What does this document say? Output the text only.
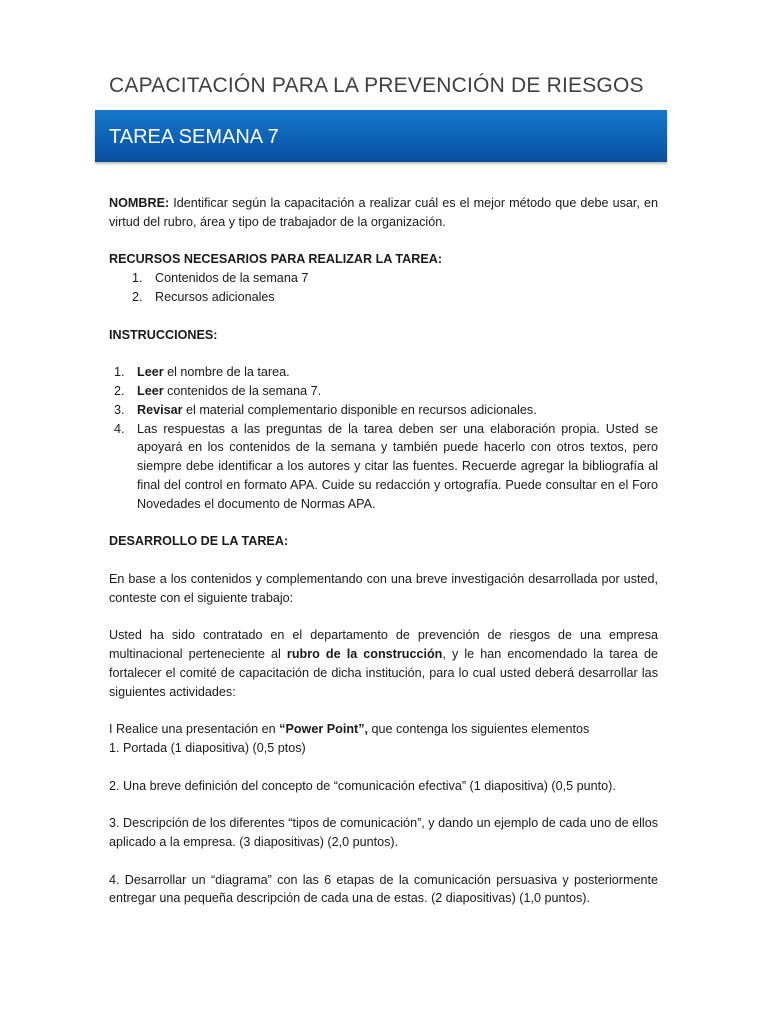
CAPACITACIÓN PARA LA PREVENCIÓN DE RIESGOS
TAREA SEMANA 7

NOMBRE: Identificar según la capacitación a realizar cuál es el mejor método que debe usar, en virtud del rubro, área y tipo de trabajador de la organización.

RECURSOS NECESARIOS PARA REALIZAR LA TAREA:

1. Contenidos de la semana 7
2. Recursos adicionales

INSTRUCCIONES:

1. Leer el nombre de la tarea.
2. Leer contenidos de la semana 7.
3. Revisar el material complementario disponible en recursos adicionales.
4. Las respuestas a las preguntas de la tarea deben ser una elaboración propia. Usted se apoyará en los contenidos de la semana y también puede hacerlo con otros textos, pero siempre debe identificar a los autores y citar las fuentes. Recuerde agregar la bibliografía al final del control en formato APA. Cuide su redacción y ortografía. Puede consultar en el Foro Novedades el documento de Normas APA.

DESARROLLO DE LA TAREA:

En base a los contenidos y complementando con una breve investigación desarrollada por usted, conteste con el siguiente trabajo:

Usted ha sido contratado en el departamento de prevención de riesgos de una empresa multinacional perteneciente al rubro de la construcción, y le han encomendado la tarea de fortalecer el comité de capacitación de dicha institución, para lo cual usted deberá desarrollar las siguientes actividades:

I Realice una presentación en “Power Point”, que contenga los siguientes elementos

1. Portada (1 diapositiva) (0,5 ptos)

2. Una breve definición del concepto de “comunicación efectiva” (1 diapositiva) (0,5 punto).

3. Descripción de los diferentes “tipos de comunicación”, y dando un ejemplo de cada uno de ellos aplicado a la empresa. (3 diapositivas) (2,0 puntos).

4. Desarrollar un “diagrama” con las 6 etapas de la comunicación persuasiva y posteriormente entregar una pequeña descripción de cada una de estas. (2 diapositivas) (1,0 puntos).
